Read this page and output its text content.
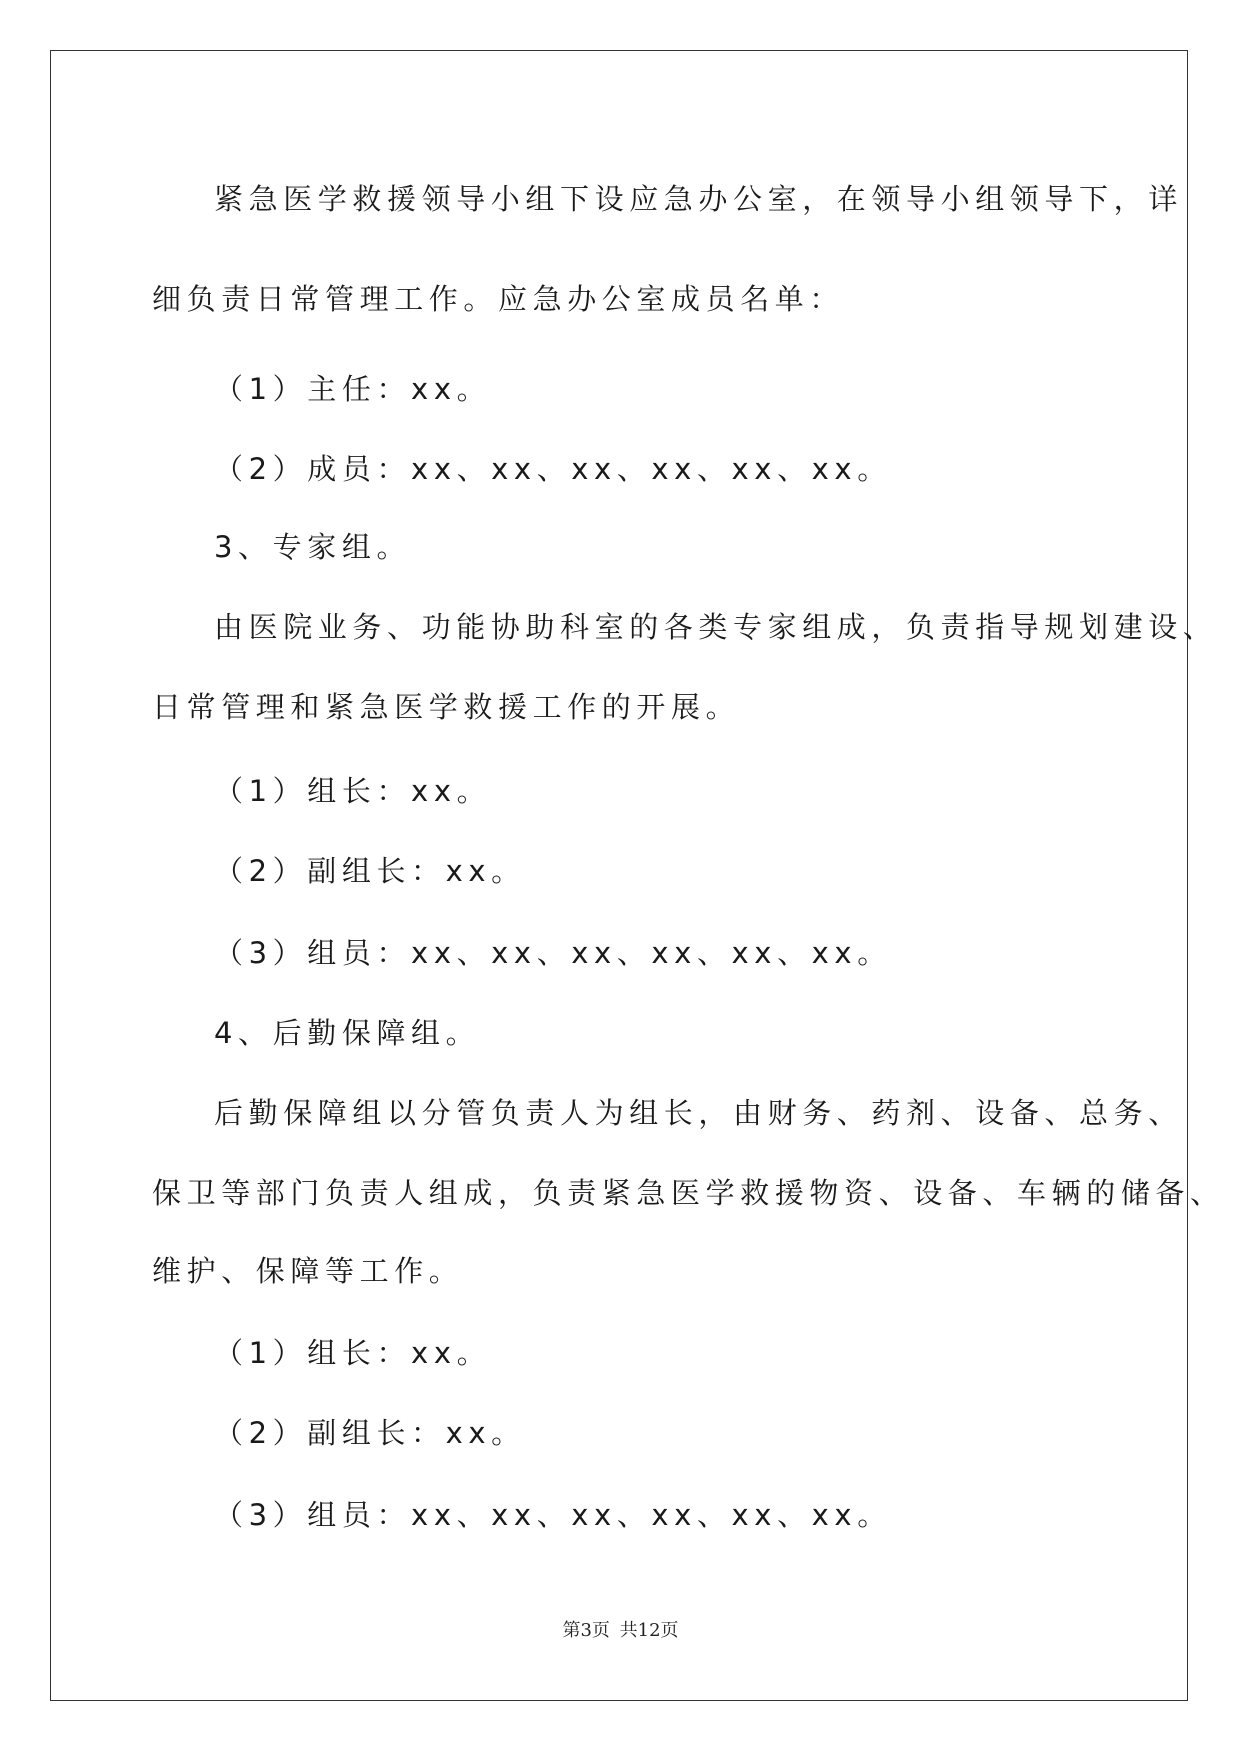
紧急医学救援领导小组下设应急办公室，在领导小组领导下，详

细负责日常管理工作。应急办公室成员名单：

（1）主任：xx。

（2）成员：xx、xx、xx、xx、xx、xx。

3、专家组。

由医院业务、功能协助科室的各类专家组成，负责指导规划建设、

日常管理和紧急医学救援工作的开展。

（1）组长：xx。

（2）副组长：xx。

（3）组员：xx、xx、xx、xx、xx、xx。

4、后勤保障组。

后勤保障组以分管负责人为组长，由财务、药剂、设备、总务、

保卫等部门负责人组成，负责紧急医学救援物资、设备、车辆的储备、

维护、保障等工作。

（1）组长：xx。

（2）副组长：xx。

（3）组员：xx、xx、xx、xx、xx、xx。

第3页 共12页
